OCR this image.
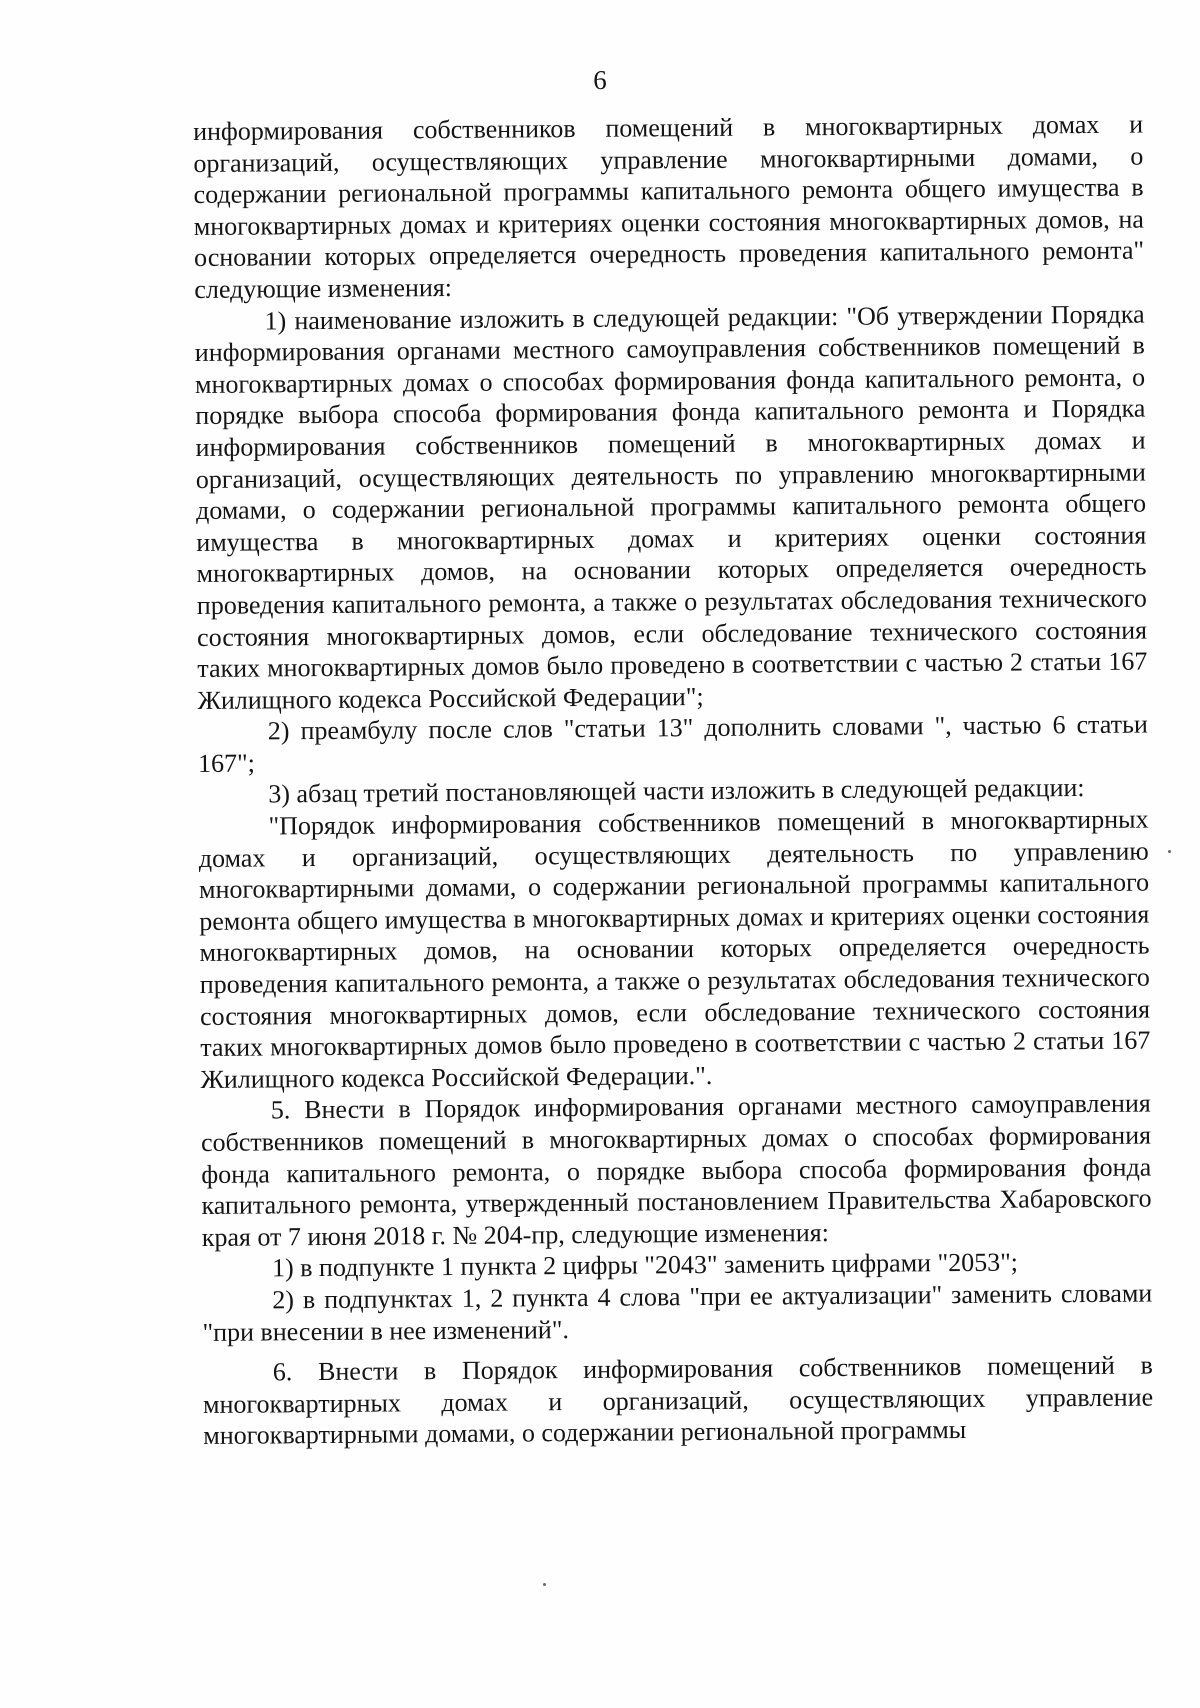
6

информирования собственников помещений в многоквартирных домах и организаций, осуществляющих управление многоквартирными домами, о содержании региональной программы капитального ремонта общего имущества в многоквартирных домах и критериях оценки состояния многоквартирных домов, на основании которых определяется очередность проведения капитального ремонта" следующие изменения:

1) наименование изложить в следующей редакции: "Об утверждении Порядка информирования органами местного самоуправления собственников помещений в многоквартирных домах о способах формирования фонда капитального ремонта, о порядке выбора способа формирования фонда капитального ремонта и Порядка информирования собственников помещений в многоквартирных домах и организаций, осуществляющих деятельность по управлению многоквартирными домами, о содержании региональной программы капитального ремонта общего имущества в многоквартирных домах и критериях оценки состояния многоквартирных домов, на основании которых определяется очередность проведения капитального ремонта, а также о результатах обследования технического состояния многоквартирных домов, если обследование технического состояния таких многоквартирных домов было проведено в соответствии с частью 2 статьи 167 Жилищного кодекса Российской Федерации";

2) преамбулу после слов "статьи 13" дополнить словами ", частью 6 статьи 167";

3) абзац третий постановляющей части изложить в следующей редакции:

"Порядок информирования собственников помещений в многоквартирных домах и организаций, осуществляющих деятельность по управлению многоквартирными домами, о содержании региональной программы капитального ремонта общего имущества в многоквартирных домах и критериях оценки состояния многоквартирных домов, на основании которых определяется очередность проведения капитального ремонта, а также о результатах обследования технического состояния многоквартирных домов, если обследование технического состояния таких многоквартирных домов было проведено в соответствии с частью 2 статьи 167 Жилищного кодекса Российской Федерации.".

5. Внести в Порядок информирования органами местного самоуправления собственников помещений в многоквартирных домах о способах формирования фонда капитального ремонта, о порядке выбора способа формирования фонда капитального ремонта, утвержденный постановлением Правительства Хабаровского края от 7 июня 2018 г. № 204-пр, следующие изменения:

1) в подпункте 1 пункта 2 цифры "2043" заменить цифрами "2053";

2) в подпунктах 1, 2 пункта 4 слова "при ее актуализации" заменить словами "при внесении в нее изменений".

6. Внести в Порядок информирования собственников помещений в многоквартирных домах и организаций, осуществляющих управление многоквартирными домами, о содержании региональной программы
